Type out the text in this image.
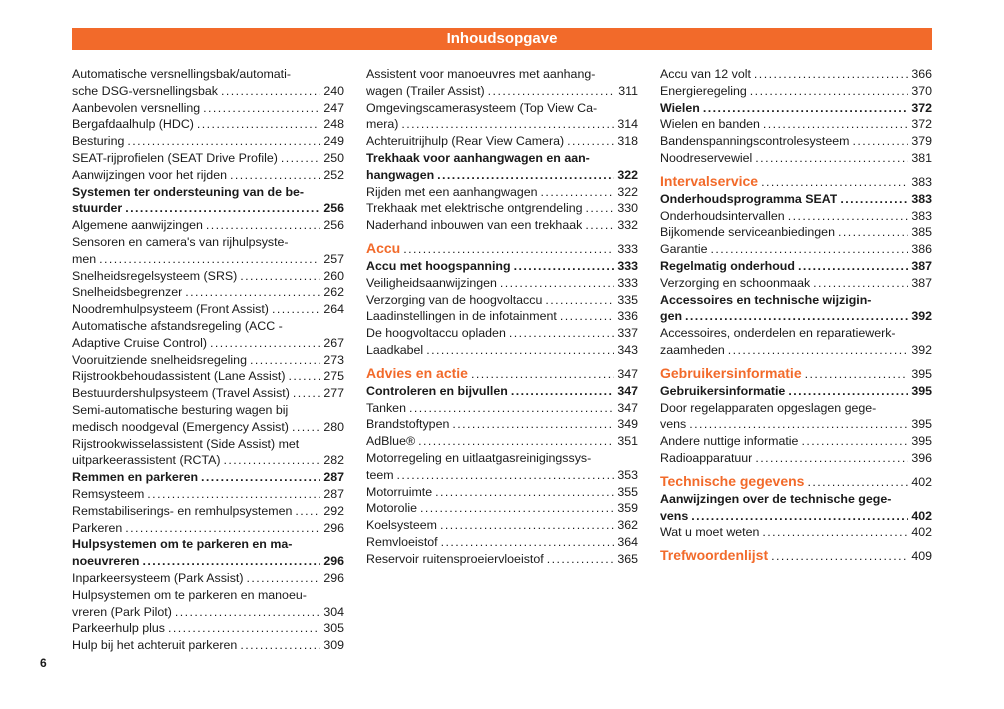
Inhoudsopgave
Automatische versnellingsbak/automati-
sche DSG-versnellingsbak . . .	240
Aanbevolen versnelling . . .	247
Bergafdaalhulp (HDC) . . .	248
Besturing . . .	249
SEAT-rijprofielen (SEAT Drive Profile) . . .	250
Aanwijzingen voor het rijden . . .	252
Systemen ter ondersteuning van de be-
stuurder . . .	256
Algemene aanwijzingen . . .	256
Sensoren en camera's van rijhulpsyste-
men . . .	257
Snelheidsregelsysteem (SRS) . . .	260
Snelheidsbegrenzer . . .	262
Noodremhulpsysteem (Front Assist) . . .	264
Automatische afstandsregeling (ACC -
Adaptive Cruise Control) . . .	267
Vooruitziende snelheidsregeling . . .	273
Rijstrookbehoudassistent (Lane Assist) . . .	275
Bestuurdershulpsysteem (Travel Assist) . . .	277
Semi-automatische besturing wagen bij
medisch noodgeval (Emergency Assist) . . .	280
Rijstrookwisselassistent (Side Assist) met
uitparkeerassistent (RCTA) . . .	282
Remmen en parkeren . . .	287
Remsysteem . . .	287
Remstabiliserings- en remhulpsystemen . . . 292
Parkeren . . .	296
Hulpsystemen om te parkeren en ma-
noeuvreren . . .	296
Inparkeersysteem (Park Assist) . . .	296
Hulpsystemen om te parkeren en manoeu-
vreren (Park Pilot) . . .	304
Parkeerhulp plus . . .	305
Hulp bij het achteruit parkeren . . .	309
Assistent voor manoeuvres met aanhang-
wagen (Trailer Assist) . . .	311
Omgevingscamerasysteem (Top View Ca-
mera) . . .	314
Achteruitrijhulp (Rear View Camera) . . .	318
Trekhaak voor aanhangwagen en aan-
hangwagen . . .	322
Rijden met een aanhangwagen . . .	322
Trekhaak met elektrische ontgrendeling . . .	330
Naderhand inbouwen van een trekhaak . . .	332
Accu . . .	333
Accu met hoogspanning . . .	333
Veiligheidsaanwijzingen . . .	333
Verzorging van de hoogvoltaccu . . .	335
Laadinstellingen in de infotainment . . .	336
De hoogvoltaccu opladen . . .	337
Laadkabel . . .	343
Advies en actie . . .	347
Controleren en bijvullen . . .	347
Tanken . . .	347
Brandstoftypen . . .	349
AdBlue® . . .	351
Motorregeling en uitlaatgasreinigingssys-
teem . . .	353
Motorruimte . . .	355
Motorolie . . .	359
Koelsysteem . . .	362
Remvloeistof . . .	364
Reservoir ruitensproeiervloeistof . . .	365
Accu van 12 volt . . .	366
Energieregeling . . .	370
Wielen . . .	372
Wielen en banden . . .	372
Bandenspanningscontrolesysteem . . .	379
Noodreservewiel . . .	381
Intervalservice . . .	383
Onderhoudsprogramma SEAT . . .	383
Onderhoudsintervallen . . .	383
Bijkomende serviceanbiedingen . . .	385
Garantie . . .	386
Regelmatig onderhoud . . .	387
Verzorging en schoonmaak . . .	387
Accessoires en technische wijzigin-
gen . . .	392
Accessoires, onderdelen en reparatiewerk-
zaamheden . . .	392
Gebruikersinformatie . . .	395
Gebruikersinformatie . . .	395
Door regelapparaten opgeslagen gege-
vens . . .	395
Andere nuttige informatie . . .	395
Radioapparatuur . . .	396
Technische gegevens . . .	402
Aanwijzingen over de technische gege-
vens . . .	402
Wat u moet weten . . .	402
Trefwoordenlijst . . .	409
6
